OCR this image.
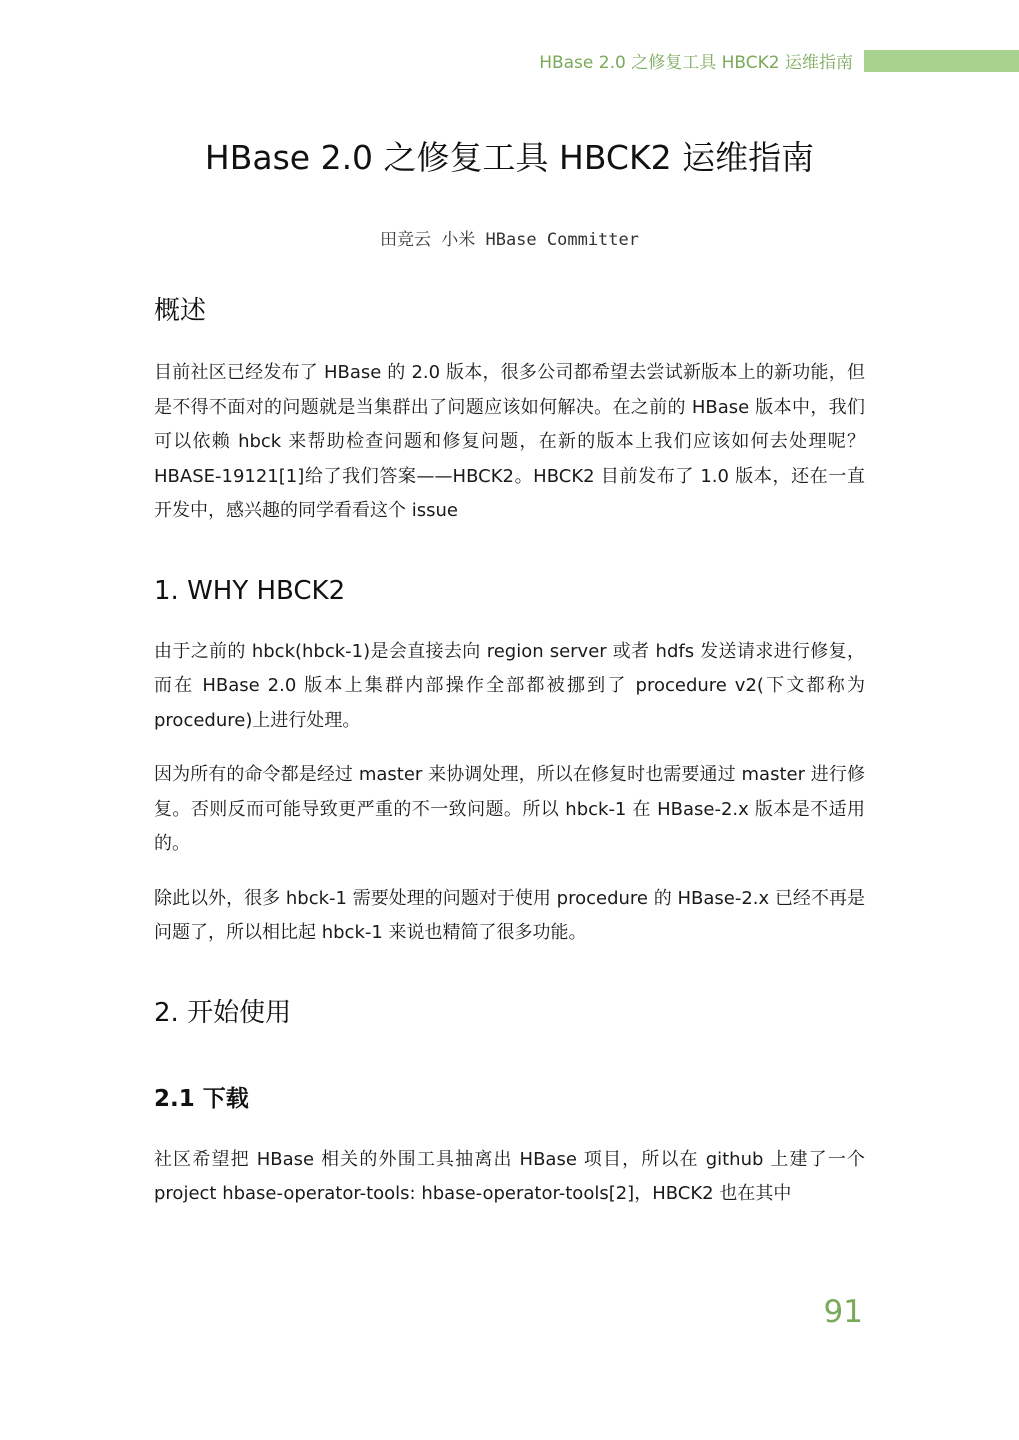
HBase 2.0 之修复工具 HBCK2 运维指南
HBase 2.0 之修复工具 HBCK2 运维指南
田竞云 小米 HBase Committer
概述

目前社区已经发布了 HBase 的 2.0 版本，很多公司都希望去尝试新版本上的新功能，但是不得不面对的问题就是当集群出了问题应该如何解决。在之前的 HBase 版本中，我们可以依赖 hbck 来帮助检查问题和修复问题，在新的版本上我们应该如何去处理呢？HBASE-19121[1]给了我们答案——HBCK2。HBCK2 目前发布了 1.0 版本，还在一直开发中，感兴趣的同学看看这个 issue

1. WHY HBCK2

由于之前的 hbck(hbck-1)是会直接去向 region server 或者 hdfs 发送请求进行修复，而在 HBase 2.0 版本上集群内部操作全部都被挪到了 procedure v2(下文都称为 procedure)上进行处理。

因为所有的命令都是经过 master 来协调处理，所以在修复时也需要通过 master 进行修复。否则反而可能导致更严重的不一致问题。所以 hbck-1 在 HBase-2.x 版本是不适用的。

除此以外，很多 hbck-1 需要处理的问题对于使用 procedure 的 HBase-2.x 已经不再是问题了，所以相比起 hbck-1 来说也精简了很多功能。

2. 开始使用
2.1 下载

社区希望把 HBase 相关的外围工具抽离出 HBase 项目，所以在 github 上建了一个 project hbase-operator-tools: hbase-operator-tools[2]，HBCK2 也在其中

91
